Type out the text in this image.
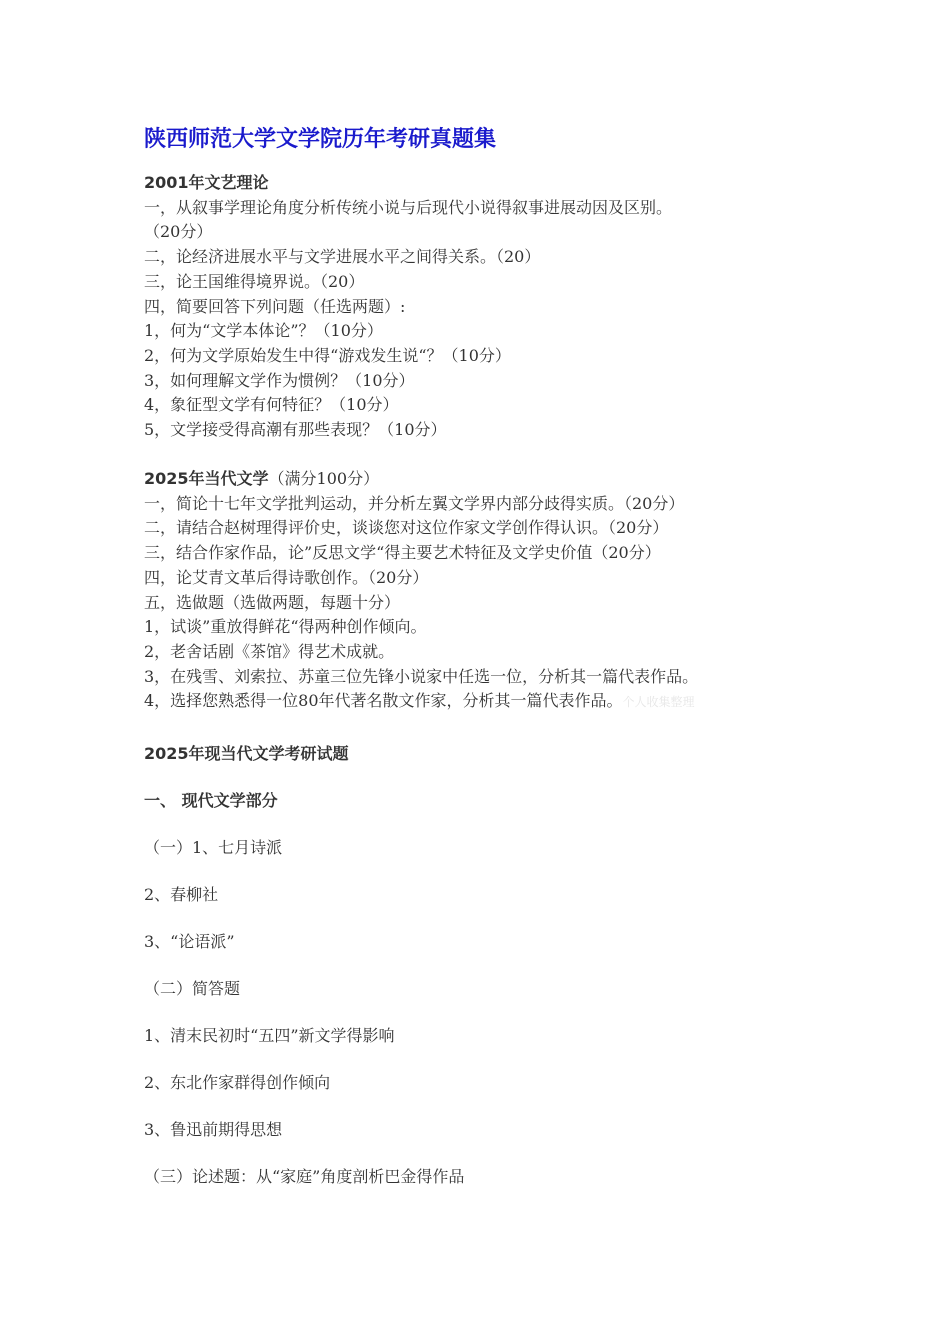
陕西师范大学文学院历年考研真题集
2001年文艺理论
一，从叙事学理论角度分析传统小说与后现代小说得叙事进展动因及区别。
（20分）
二，论经济进展水平与文学进展水平之间得关系。（20）
三，论王国维得境界说。（20）
四，简要回答下列问题（任选两题）:
1，何为“文学本体论”？（10分）
2，何为文学原始发生中得“游戏发生说“？（10分）
3，如何理解文学作为惯例？（10分）
4，象征型文学有何特征？（10分）
5，文学接受得高潮有那些表现？（10分）
2025年当代文学（满分100分）
一，简论十七年文学批判运动，并分析左翼文学界内部分歧得实质。（20分）
二，请结合赵树理得评价史，谈谈您对这位作家文学创作得认识。（20分）
三，结合作家作品，论”反思文学“得主要艺术特征及文学史价值（20分）
四，论艾青文革后得诗歌创作。（20分）
五，选做题（选做两题，每题十分）
1，试谈”重放得鲜花“得两种创作倾向。
2，老舍话剧《茶馆》得艺术成就。
3，在残雪、刘索拉、苏童三位先锋小说家中任选一位，分析其一篇代表作品。
4，选择您熟悉得一位80年代著名散文作家，分析其一篇代表作品。个人收集整理
2025年现当代文学考研试题
一、 现代文学部分
（一）1、七月诗派
2、春柳社
3、“论语派”
（二）简答题
1、清末民初时“五四”新文学得影响
2、东北作家群得创作倾向
3、鲁迅前期得思想
（三）论述题：从“家庭”角度剖析巴金得作品
